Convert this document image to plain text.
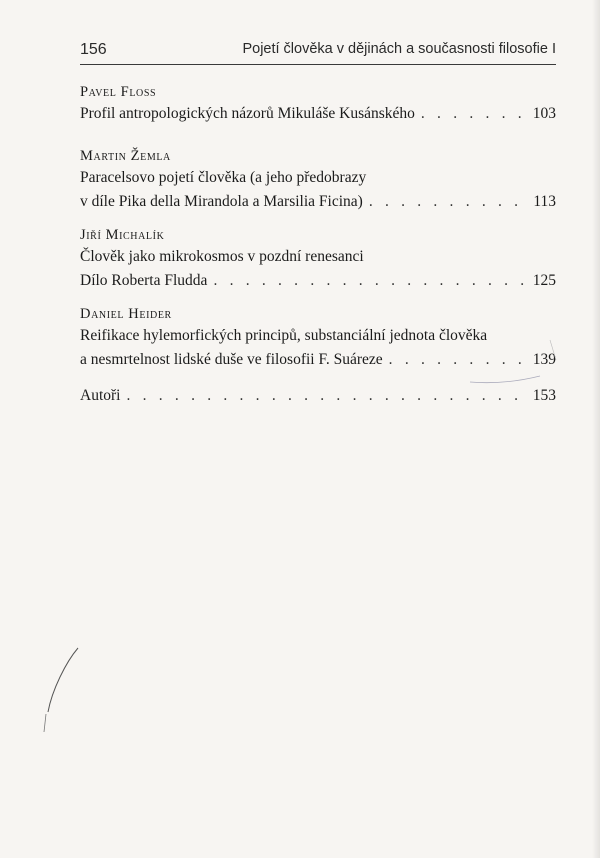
156	Pojetí člověka v dějinách a současnosti filosofie I
Pavel Floss
Profil antropologických názorů Mikuláše Kusánského . . .	103
Martin Žemla
Paracelsovo pojetí člověka (a jeho předobrazy
v díle Pika della Mirandola a Marsilia Ficina) . . .	113
Jiří Michalík
Člověk jako mikrokosmos v pozdní renesanci
Dílo Roberta Fludda . . .	125
Daniel Heider
Reifikace hylemorfických principů, substanciální jednota člověka
a nesmrtelnost lidské duše ve filosofii F. Suáreze . . .	139
Autoři . . .	153
